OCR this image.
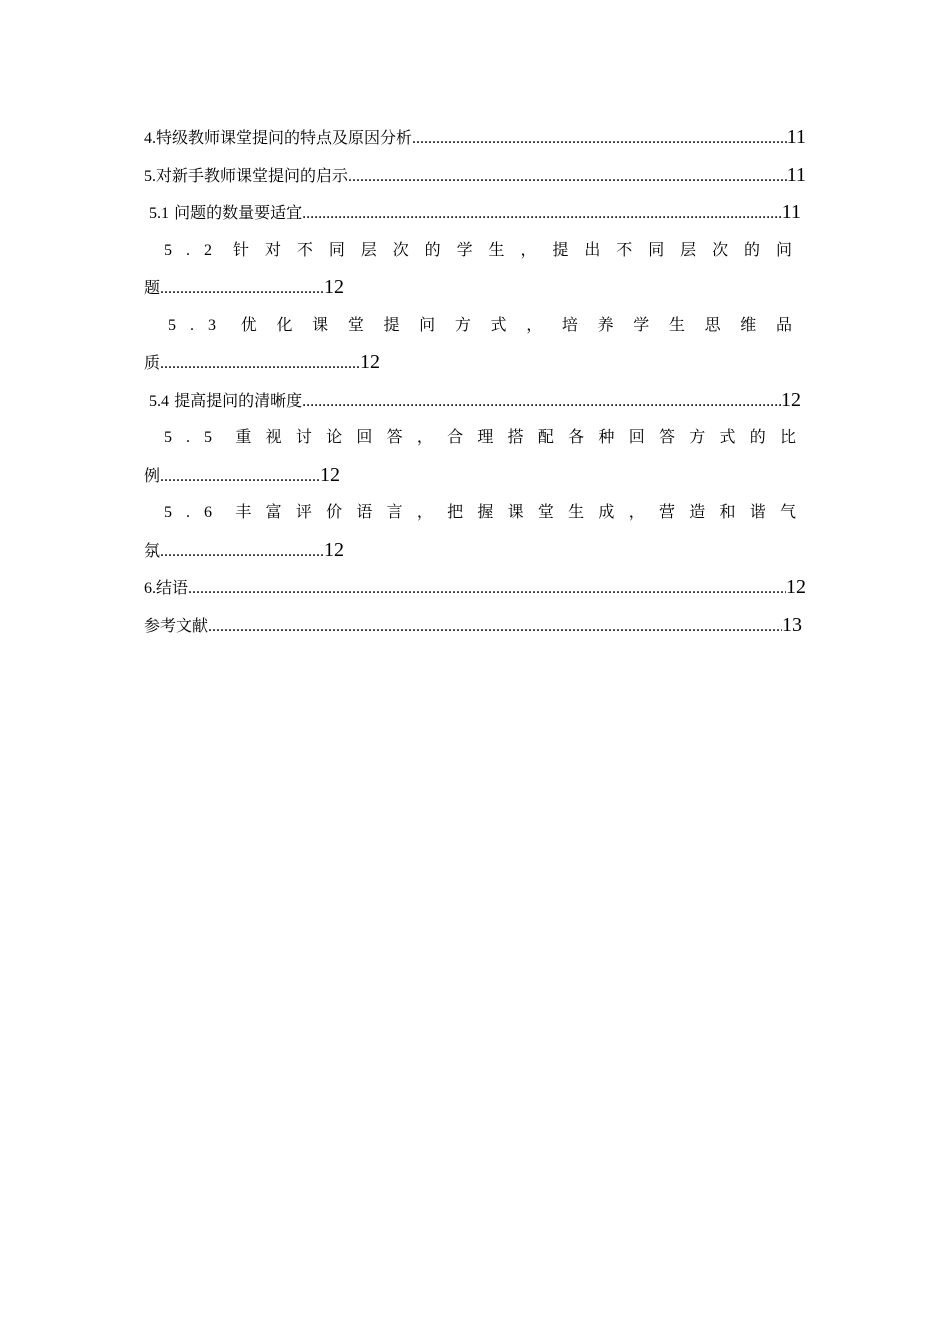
4.特级教师课堂提问的特点及原因分析 .....	11
5.对新手教师课堂提问的启示 .....	11
5.1 问题的数量要适宜 .....	11
5.2 针对不同层次的学生，提出不同层次的问
题 ......................................... 12
5.3 优化课堂提问方式，培养学生思维品
质 .................................................. 12
5.4 提高提问的清晰度 .....	12
5.5 重视讨论回答，合理搭配各种回答方式的比
例 ........................................ 12
5.6 丰富评价语言，把握课堂生成，营造和谐气
氛 ......................................... 12
6.结语 .....	12
参考文献 .....	13
